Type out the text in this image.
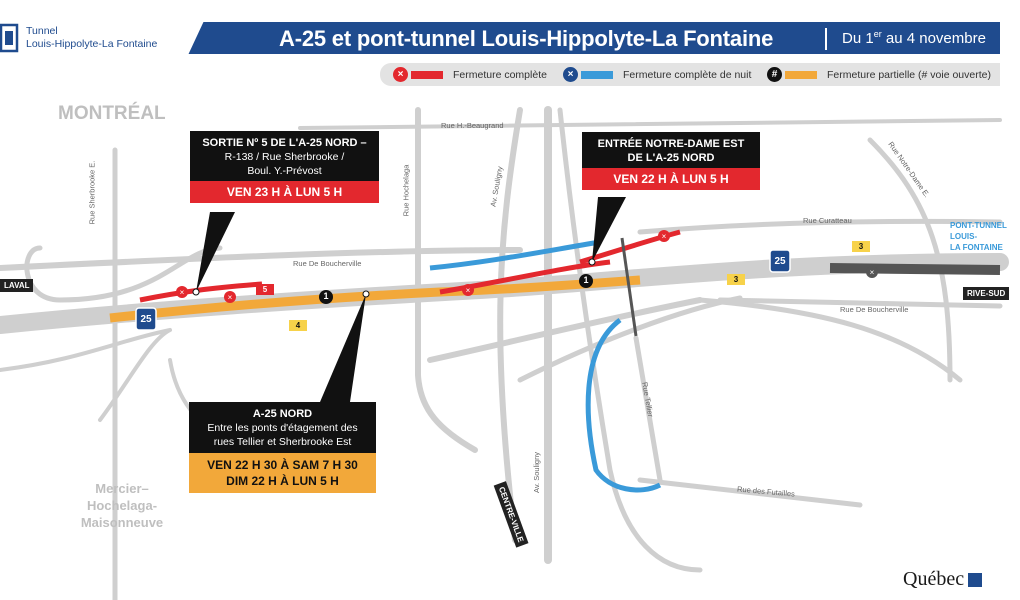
×
×
×
×
×
25
25
1
1
5
4
3
3
Tunnel
Louis-Hippolyte-La Fontaine	A-25 et pont-tunnel Louis-Hippolyte-La Fontaine	Du 1er au 4 novembre
×	Fermeture complète	×	Fermeture complète de nuit	#	Fermeture partielle (# voie ouverte)
MONTRÉAL
Mercier–
Hochelaga-
Maisonneuve
PONT-TUNNEL
LOUIS-
LA FONTAINE
Rue H.-Beaugrand
Rue Sherbrooke E.	Rue Hochelaga	Av. Souligny
Av. Souligny
Rue Curatteau
Rue Notre-Dame E.
Rue De Boucherville
Rue De Boucherville
Rue Tellier
Rue des Futailles
LAVAL
RIVE-SUD
CENTRE-VILLE
SORTIE Nº 5 DE L'A-25 NORD –
R-138 / Rue Sherbrooke /
Boul. Y.-Prévost
VEN 23 H À LUN 5 H
ENTRÉE NOTRE-DAME EST
DE L'A-25 NORD
VEN 22 H À LUN 5 H
A-25 NORD
Entre les ponts d'étagement des
rues Tellier et Sherbrooke Est
VEN 22 H 30 À SAM 7 H 30
DIM 22 H À LUN 5 H
Québec
